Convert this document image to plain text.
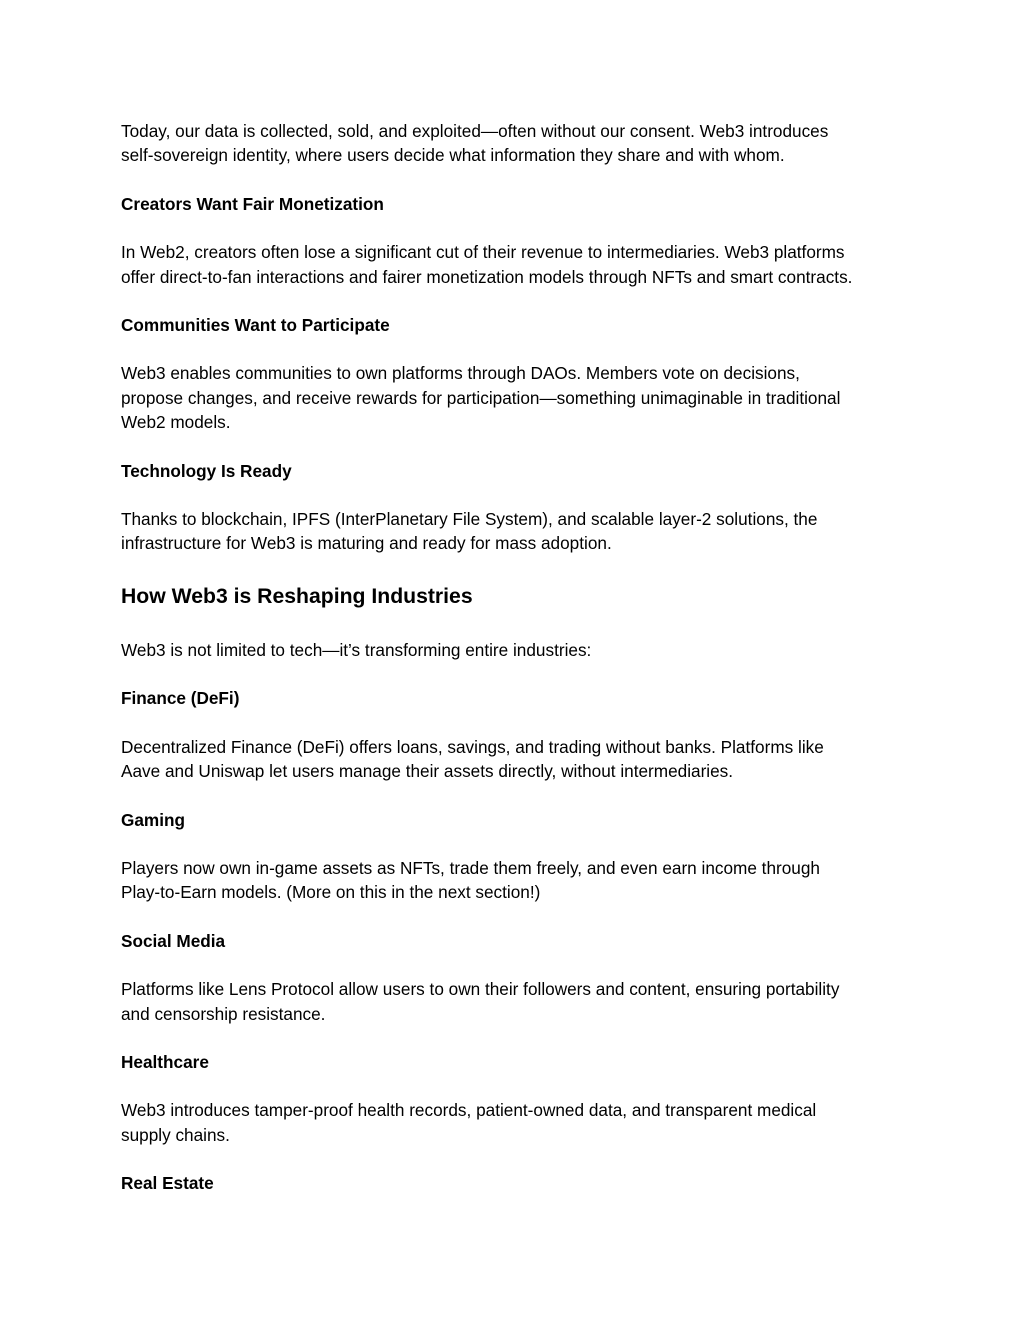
Today, our data is collected, sold, and exploited—often without our consent. Web3 introduces
self-sovereign identity, where users decide what information they share and with whom.

Creators Want Fair Monetization

In Web2, creators often lose a significant cut of their revenue to intermediaries. Web3 platforms
offer direct-to-fan interactions and fairer monetization models through NFTs and smart contracts.

Communities Want to Participate

Web3 enables communities to own platforms through DAOs. Members vote on decisions,
propose changes, and receive rewards for participation—something unimaginable in traditional
Web2 models.

Technology Is Ready

Thanks to blockchain, IPFS (InterPlanetary File System), and scalable layer-2 solutions, the
infrastructure for Web3 is maturing and ready for mass adoption.

How Web3 is Reshaping Industries

Web3 is not limited to tech—it’s transforming entire industries:

Finance (DeFi)

Decentralized Finance (DeFi) offers loans, savings, and trading without banks. Platforms like
Aave and Uniswap let users manage their assets directly, without intermediaries.

Gaming

Players now own in-game assets as NFTs, trade them freely, and even earn income through
Play-to-Earn models. (More on this in the next section!)

Social Media

Platforms like Lens Protocol allow users to own their followers and content, ensuring portability
and censorship resistance.

Healthcare

Web3 introduces tamper-proof health records, patient-owned data, and transparent medical
supply chains.

Real Estate
